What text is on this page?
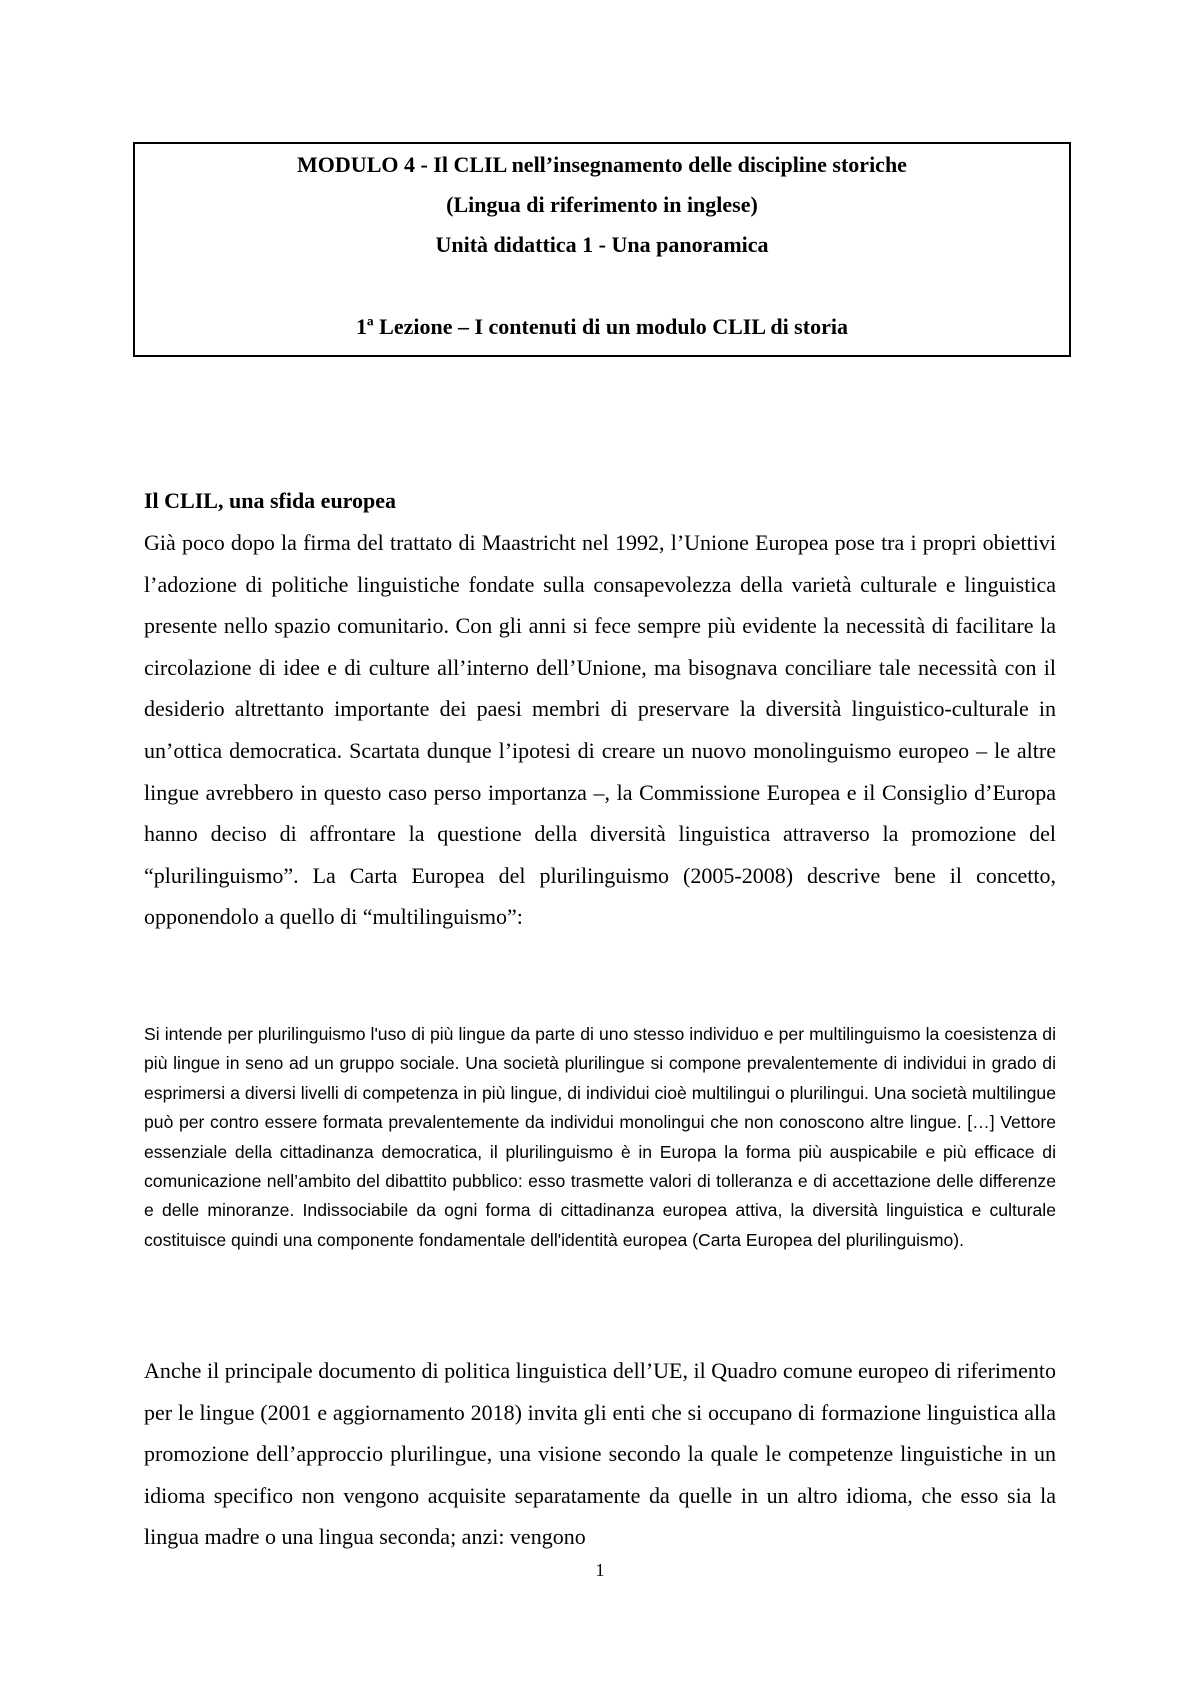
MODULO 4 - Il CLIL nell’insegnamento delle discipline storiche
(Lingua di riferimento in inglese)
Unità didattica 1 - Una panoramica
1ª Lezione – I contenuti di un modulo CLIL di storia
Il CLIL, una sfida europea

Già poco dopo la firma del trattato di Maastricht nel 1992, l’Unione Europea pose tra i propri obiettivi l’adozione di politiche linguistiche fondate sulla consapevolezza della varietà culturale e linguistica presente nello spazio comunitario. Con gli anni si fece sempre più evidente la necessità di facilitare la circolazione di idee e di culture all’interno dell’Unione, ma bisognava conciliare tale necessità con il desiderio altrettanto importante dei paesi membri di preservare la diversità linguistico-culturale in un’ottica democratica. Scartata dunque l’ipotesi di creare un nuovo monolinguismo europeo – le altre lingue avrebbero in questo caso perso importanza –, la Commissione Europea e il Consiglio d’Europa hanno deciso di affrontare la questione della diversità linguistica attraverso la promozione del “plurilinguismo”. La Carta Europea del plurilinguismo (2005-2008) descrive bene il concetto, opponendolo a quello di “multilinguismo”:

Si intende per plurilinguismo l'uso di più lingue da parte di uno stesso individuo e per multilinguismo la coesistenza di più lingue in seno ad un gruppo sociale. Una società plurilingue si compone prevalentemente di individui in grado di esprimersi a diversi livelli di competenza in più lingue, di individui cioè multilingui o plurilingui. Una società multilingue può per contro essere formata prevalentemente da individui monolingui che non conoscono altre lingue. […] Vettore essenziale della cittadinanza democratica, il plurilinguismo è in Europa la forma più auspicabile e più efficace di comunicazione nell’ambito del dibattito pubblico: esso trasmette valori di tolleranza e di accettazione delle differenze e delle minoranze. Indissociabile da ogni forma di cittadinanza europea attiva, la diversità linguistica e culturale costituisce quindi una componente fondamentale dell'identità europea (Carta Europea del plurilinguismo).

Anche il principale documento di politica linguistica dell’UE, il Quadro comune europeo di riferimento per le lingue (2001 e aggiornamento 2018) invita gli enti che si occupano di formazione linguistica alla promozione dell’approccio plurilingue, una visione secondo la quale le competenze linguistiche in un idioma specifico non vengono acquisite separatamente da quelle in un altro idioma, che esso sia la lingua madre o una lingua seconda; anzi: vengono

1
